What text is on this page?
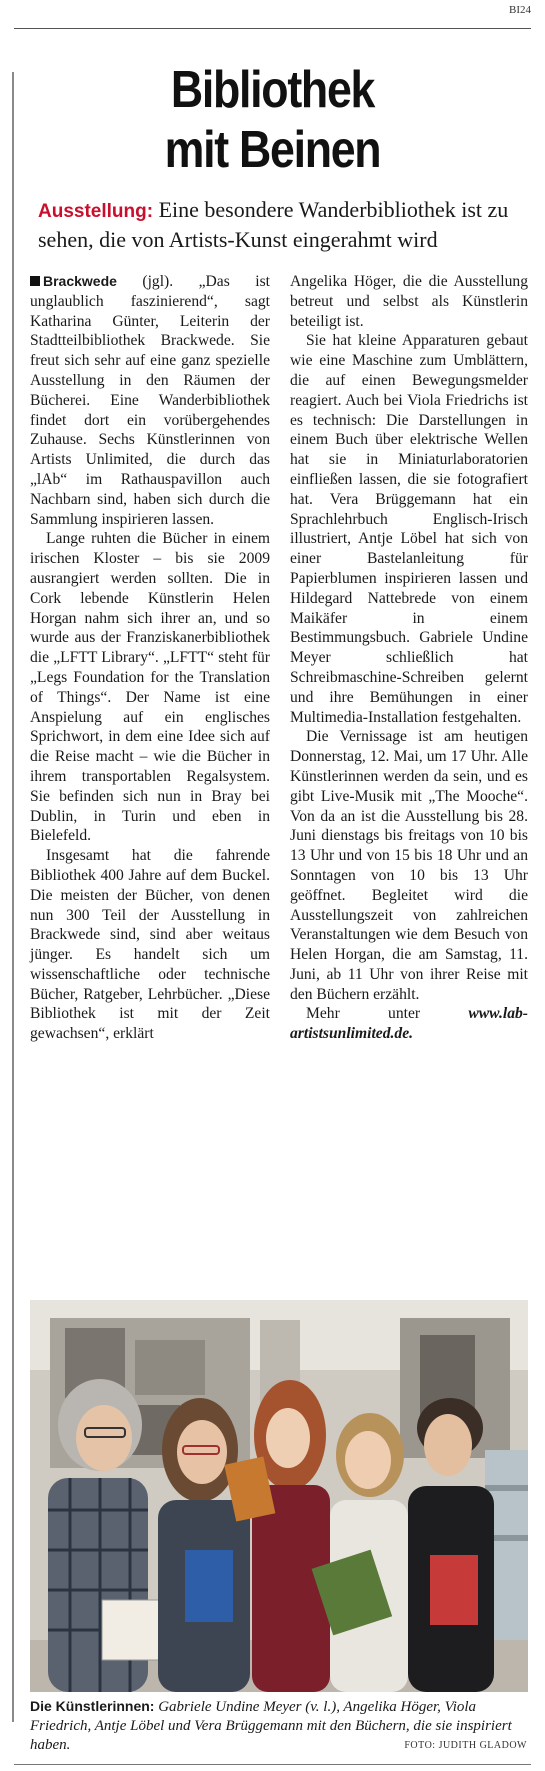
BI24
Bibliothek
mit Beinen
Ausstellung: Eine besondere Wanderbibliothek ist zu sehen, die von Artists-Kunst eingerahmt wird

Brackwede (jgl). „Das ist unglaublich faszinierend“, sagt Katharina Günter, Leiterin der Stadtteilbibliothek Brackwede. Sie freut sich sehr auf eine ganz spezielle Ausstellung in den Räumen der Bücherei. Eine Wanderbibliothek findet dort ein vorübergehendes Zuhause. Sechs Künstlerinnen von Artists Unlimited, die durch das „lAb“ im Rathauspavillon auch Nachbarn sind, haben sich durch die Sammlung inspirieren lassen.

Lange ruhten die Bücher in einem irischen Kloster – bis sie 2009 ausrangiert werden sollten. Die in Cork lebende Künstlerin Helen Horgan nahm sich ihrer an, und so wurde aus der Franziskanerbibliothek die „LFTT Library“. „LFTT“ steht für „Legs Foundation for the Translation of Things“. Der Name ist eine Anspielung auf ein englisches Sprichwort, in dem eine Idee sich auf die Reise macht – wie die Bücher in ihrem transportablen Regalsystem. Sie befinden sich nun in Bray bei Dublin, in Turin und eben in Bielefeld.

Insgesamt hat die fahrende Bibliothek 400 Jahre auf dem Buckel. Die meisten der Bücher, von denen nun 300 Teil der Ausstellung in Brackwede sind, sind aber weitaus jünger. Es handelt sich um wissenschaftliche oder technische Bücher, Ratgeber, Lehrbücher. „Diese Bibliothek ist mit der Zeit gewachsen“, erklärt

Angelika Höger, die die Ausstellung betreut und selbst als Künstlerin beteiligt ist.

Sie hat kleine Apparaturen gebaut wie eine Maschine zum Umblättern, die auf einen Bewegungsmelder reagiert. Auch bei Viola Friedrichs ist es technisch: Die Darstellungen in einem Buch über elektrische Wellen hat sie in Miniaturlaboratorien einfließen lassen, die sie fotografiert hat. Vera Brüggemann hat ein Sprachlehrbuch Englisch-Irisch illustriert, Antje Löbel hat sich von einer Bastelanleitung für Papierblumen inspirieren lassen und Hildegard Nattebrede von einem Maikäfer in einem Bestimmungsbuch. Gabriele Undine Meyer schließlich hat Schreibmaschine-Schreiben gelernt und ihre Bemühungen in einer Multimedia-Installation festgehalten.

Die Vernissage ist am heutigen Donnerstag, 12. Mai, um 17 Uhr. Alle Künstlerinnen werden da sein, und es gibt Live-Musik mit „The Mooche“. Von da an ist die Ausstellung bis 28. Juni dienstags bis freitags von 10 bis 13 Uhr und von 15 bis 18 Uhr und an Sonntagen von 10 bis 13 Uhr geöffnet. Begleitet wird die Ausstellungszeit von zahlreichen Veranstaltungen wie dem Besuch von Helen Horgan, die am Samstag, 11. Juni, ab 11 Uhr von ihrer Reise mit den Büchern erzählt.

Mehr unter	www.lab-artistsunlimited.de.

Die Künstlerinnen: Gabriele Undine Meyer (v. l.), Angelika Höger, Viola Friedrich, Antje Löbel und Vera Brüggemann mit den Büchern, die sie inspiriert haben.	FOTO: JUDITH GLADOW
